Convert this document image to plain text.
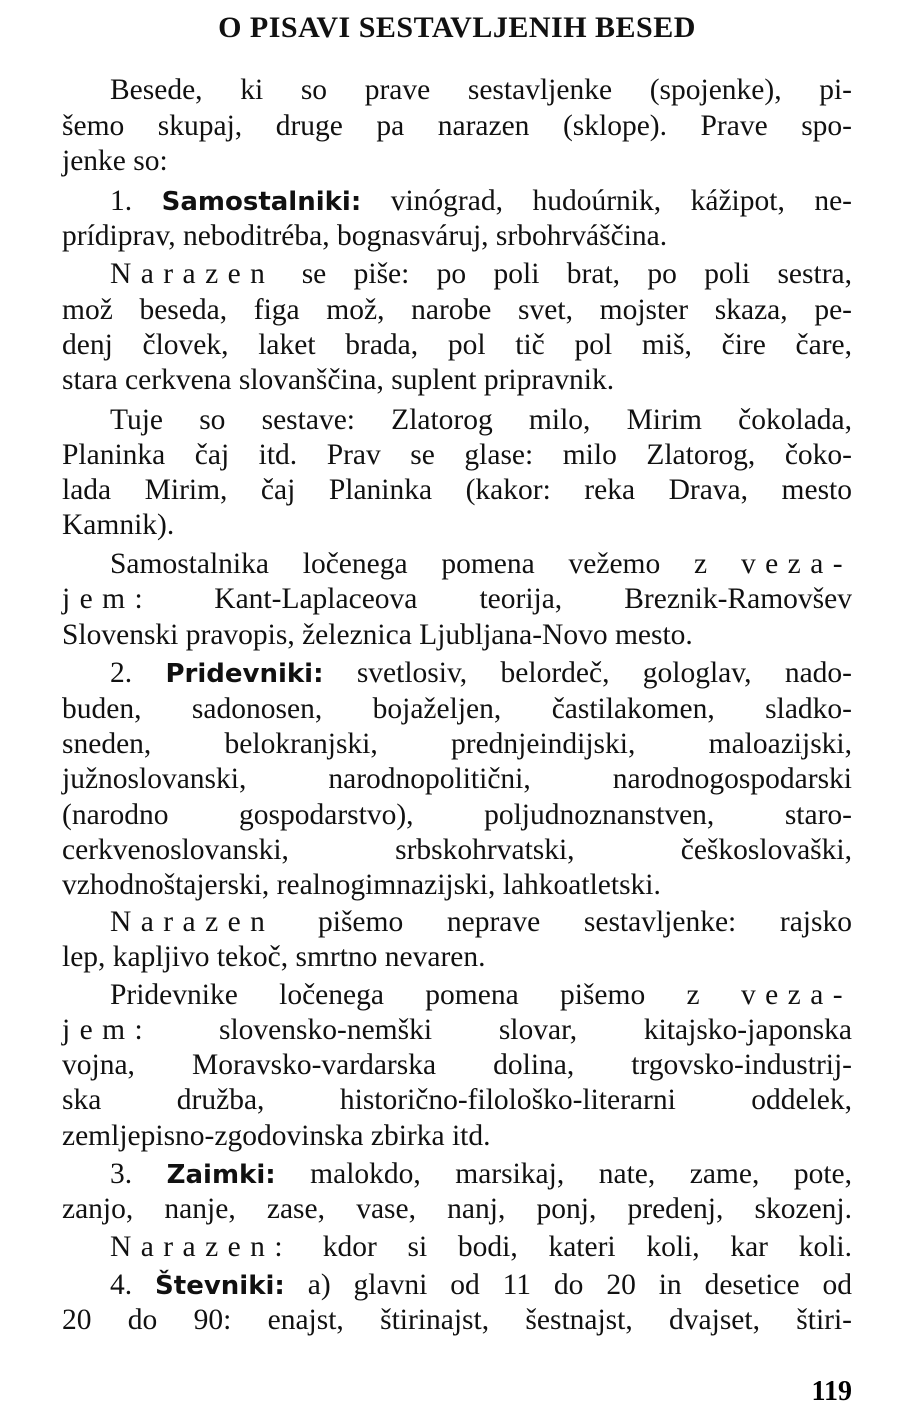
O PISAVI SESTAVLJENIH BESED
Besede, ki so prave sestavljenke (spojenke), pi-
šemo skupaj, druge pa narazen (sklope). Prave spo-
jenke so:
1. Samostalniki: vinógrad, hudoúrnik, kážipot, ne-
prídiprav, neboditréba, bognasváruj, srbohrváščina.
Narazen se piše: po poli brat, po poli sestra,
mož beseda, figa mož, narobe svet, mojster skaza, pe-
denj človek, laket brada, pol tič pol miš, čire čare,
stara cerkvena slovanščina, suplent pripravnik.
Tuje so sestave: Zlatorog milo, Mirim čokolada,
Planinka čaj itd. Prav se glase: milo Zlatorog, čoko-
lada Mirim, čaj Planinka (kakor: reka Drava, mesto
Kamnik).
Samostalnika ločenega pomena vežemo z veza-
jem: Kant-Laplaceova teorija, Breznik-Ramovšev
Slovenski pravopis, železnica Ljubljana-Novo mesto.
2. Pridevniki: svetlosiv, belordeč, gologlav, nado-
buden, sadonosen, bojaželjen, častilakomen, sladko-
sneden, belokranjski, prednjeindijski, maloazijski,
južnoslovanski, narodnopolitični, narodnogospodarski
(narodno gospodarstvo), poljudnoznanstven, staro-
cerkvenoslovanski, srbskohrvatski, češkoslovaški,
vzhodnoštajerski, realnogimnazijski, lahkoatletski.
Narazen pišemo neprave sestavljenke: rajsko
lep, kapljivo tekoč, smrtno nevaren.
Pridevnike ločenega pomena pišemo z veza-
jem: slovensko-nemški slovar, kitajsko-japonska
vojna, Moravsko-vardarska dolina, trgovsko-industrij-
ska družba, historično-filološko-literarni oddelek,
zemljepisno-zgodovinska zbirka itd.
3. Zaimki: malokdo, marsikaj, nate, zame, pote,
zanjo, nanje, zase, vase, nanj, ponj, predenj, skozenj.
Narazen: kdor si bodi, kateri koli, kar koli.
4. Števniki: a) glavni od 11 do 20 in desetice od
20 do 90: enajst, štirinajst, šestnajst, dvajset, štiri-
119
